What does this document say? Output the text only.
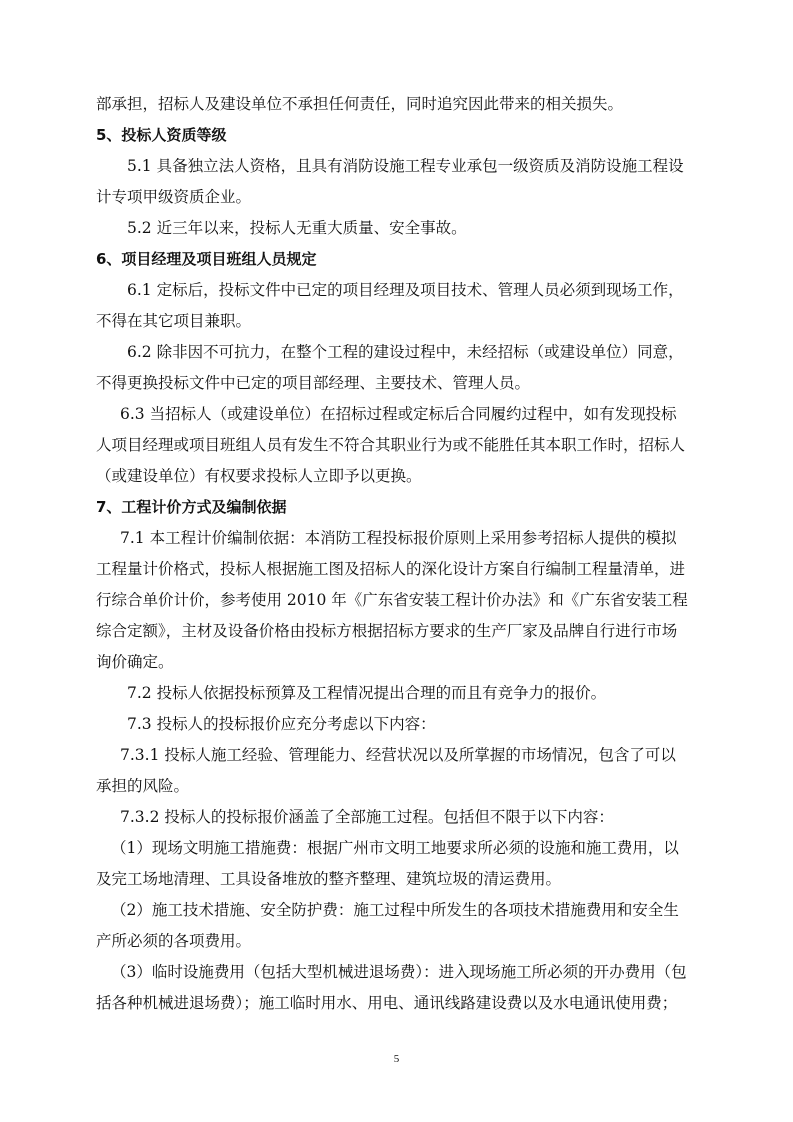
部承担，招标人及建设单位不承担任何责任，同时追究因此带来的相关损失。
5、投标人资质等级
5.1 具备独立法人资格，且具有消防设施工程专业承包一级资质及消防设施工程设
计专项甲级资质企业。
5.2 近三年以来，投标人无重大质量、安全事故。
6、项目经理及项目班组人员规定
6.1 定标后，投标文件中已定的项目经理及项目技术、管理人员必须到现场工作，
不得在其它项目兼职。
6.2 除非因不可抗力，在整个工程的建设过程中，未经招标（或建设单位）同意，
不得更换投标文件中已定的项目部经理、主要技术、管理人员。
6.3 当招标人（或建设单位）在招标过程或定标后合同履约过程中，如有发现投标
人项目经理或项目班组人员有发生不符合其职业行为或不能胜任其本职工作时，招标人
（或建设单位）有权要求投标人立即予以更换。
7、工程计价方式及编制依据
7.1 本工程计价编制依据：本消防工程投标报价原则上采用参考招标人提供的模拟
工程量计价格式，投标人根据施工图及招标人的深化设计方案自行编制工程量清单，进
行综合单价计价，参考使用 2010 年《广东省安装工程计价办法》和《广东省安装工程
综合定额》，主材及设备价格由投标方根据招标方要求的生产厂家及品牌自行进行市场
询价确定。
7.2 投标人依据投标预算及工程情况提出合理的而且有竞争力的报价。
7.3 投标人的投标报价应充分考虑以下内容：
7.3.1 投标人施工经验、管理能力、经营状况以及所掌握的市场情况，包含了可以
承担的风险。
7.3.2 投标人的投标报价涵盖了全部施工过程。包括但不限于以下内容：
（1）现场文明施工措施费：根据广州市文明工地要求所必须的设施和施工费用，以
及完工场地清理、工具设备堆放的整齐整理、建筑垃圾的清运费用。
（2）施工技术措施、安全防护费：施工过程中所发生的各项技术措施费用和安全生
产所必须的各项费用。
（3）临时设施费用（包括大型机械进退场费）：进入现场施工所必须的开办费用（包
括各种机械进退场费）；施工临时用水、用电、通讯线路建设费以及水电通讯使用费；
5
